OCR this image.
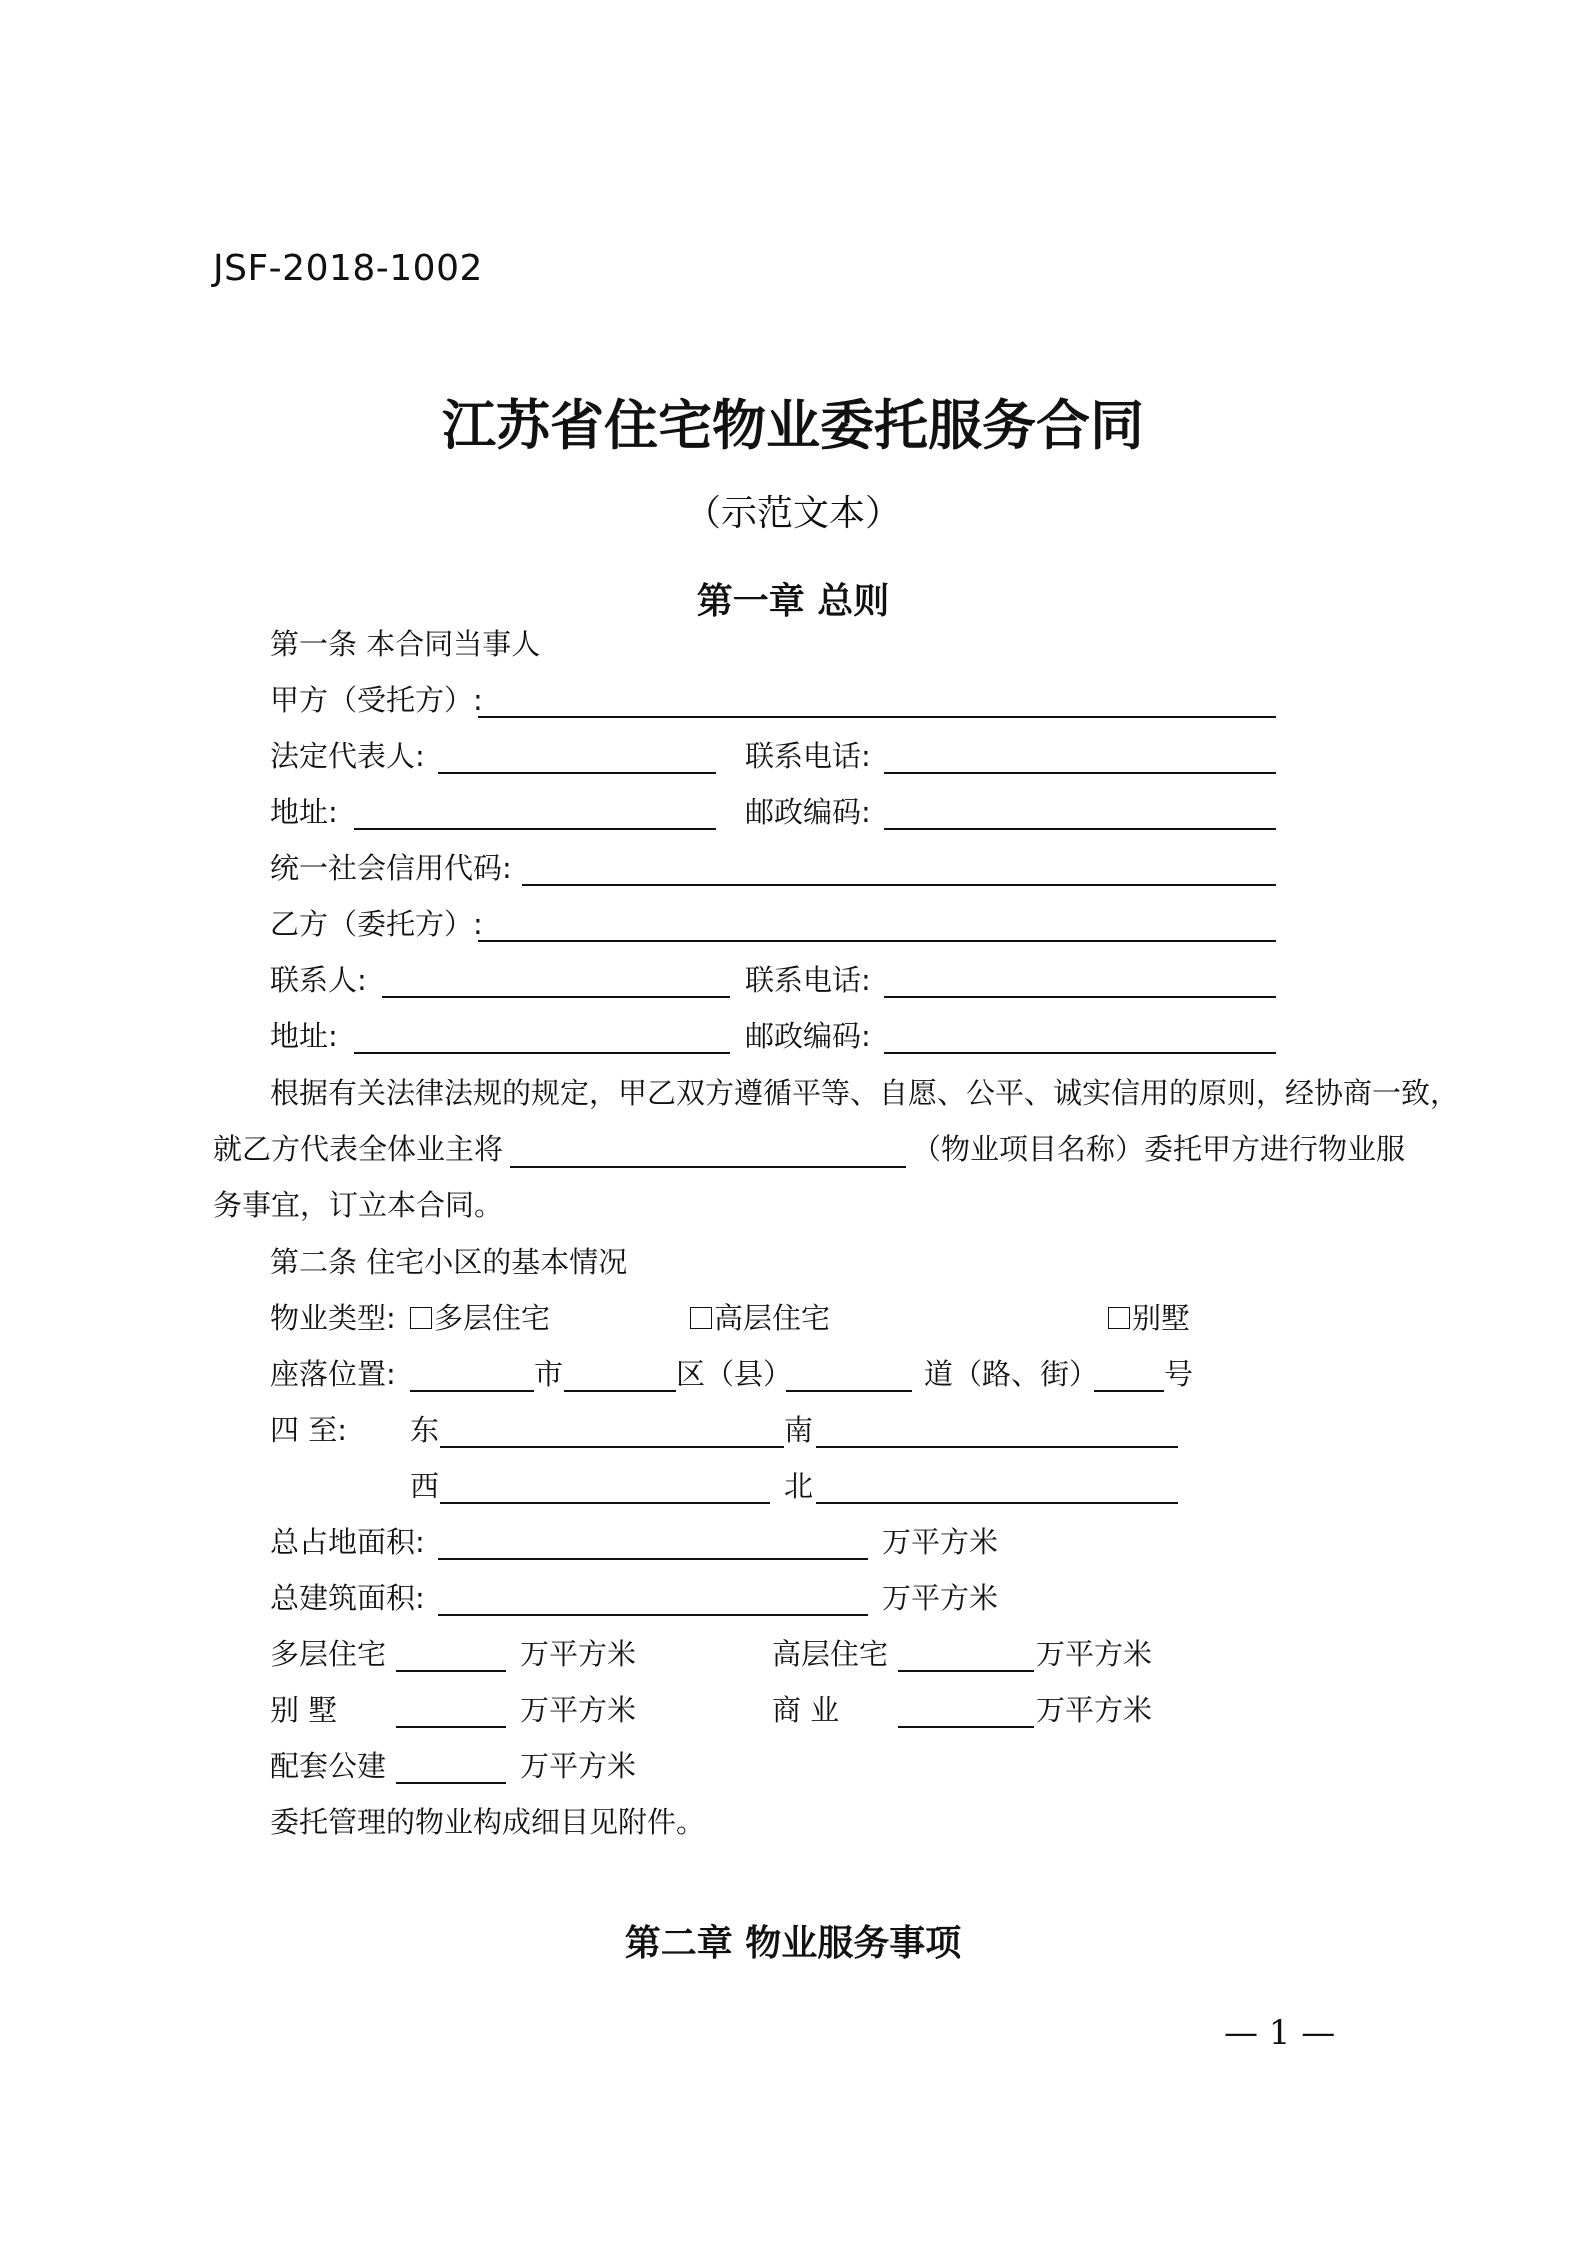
JSF-2018-1002
江苏省住宅物业委托服务合同
（示范文本）
第一章 总则
第一条 本合同当事人
甲方（受托方）:
法定代表人:	联系电话:
地址:	邮政编码:
统一社会信用代码:
乙方（委托方）:
联系人:	联系电话:
地址:	邮政编码:
根据有关法律法规的规定，甲乙双方遵循平等、自愿、公平、诚实信用的原则，经协商一致，
就乙方代表全体业主将	（物业项目名称）委托甲方进行物业服
务事宜，订立本合同。
第二条 住宅小区的基本情况
物业类型:	多层住宅	高层住宅	别墅
座落位置:	市	区（县）	道（路、街） 号
四 至: 东	南
西	北
总占地面积:	万平方米
总建筑面积:	万平方米
多层住宅	万平方米	高层住宅	万平方米
别 墅	万平方米	商 业	万平方米
配套公建	万平方米
委托管理的物业构成细目见附件。
第二章 物业服务事项
— 1 —
